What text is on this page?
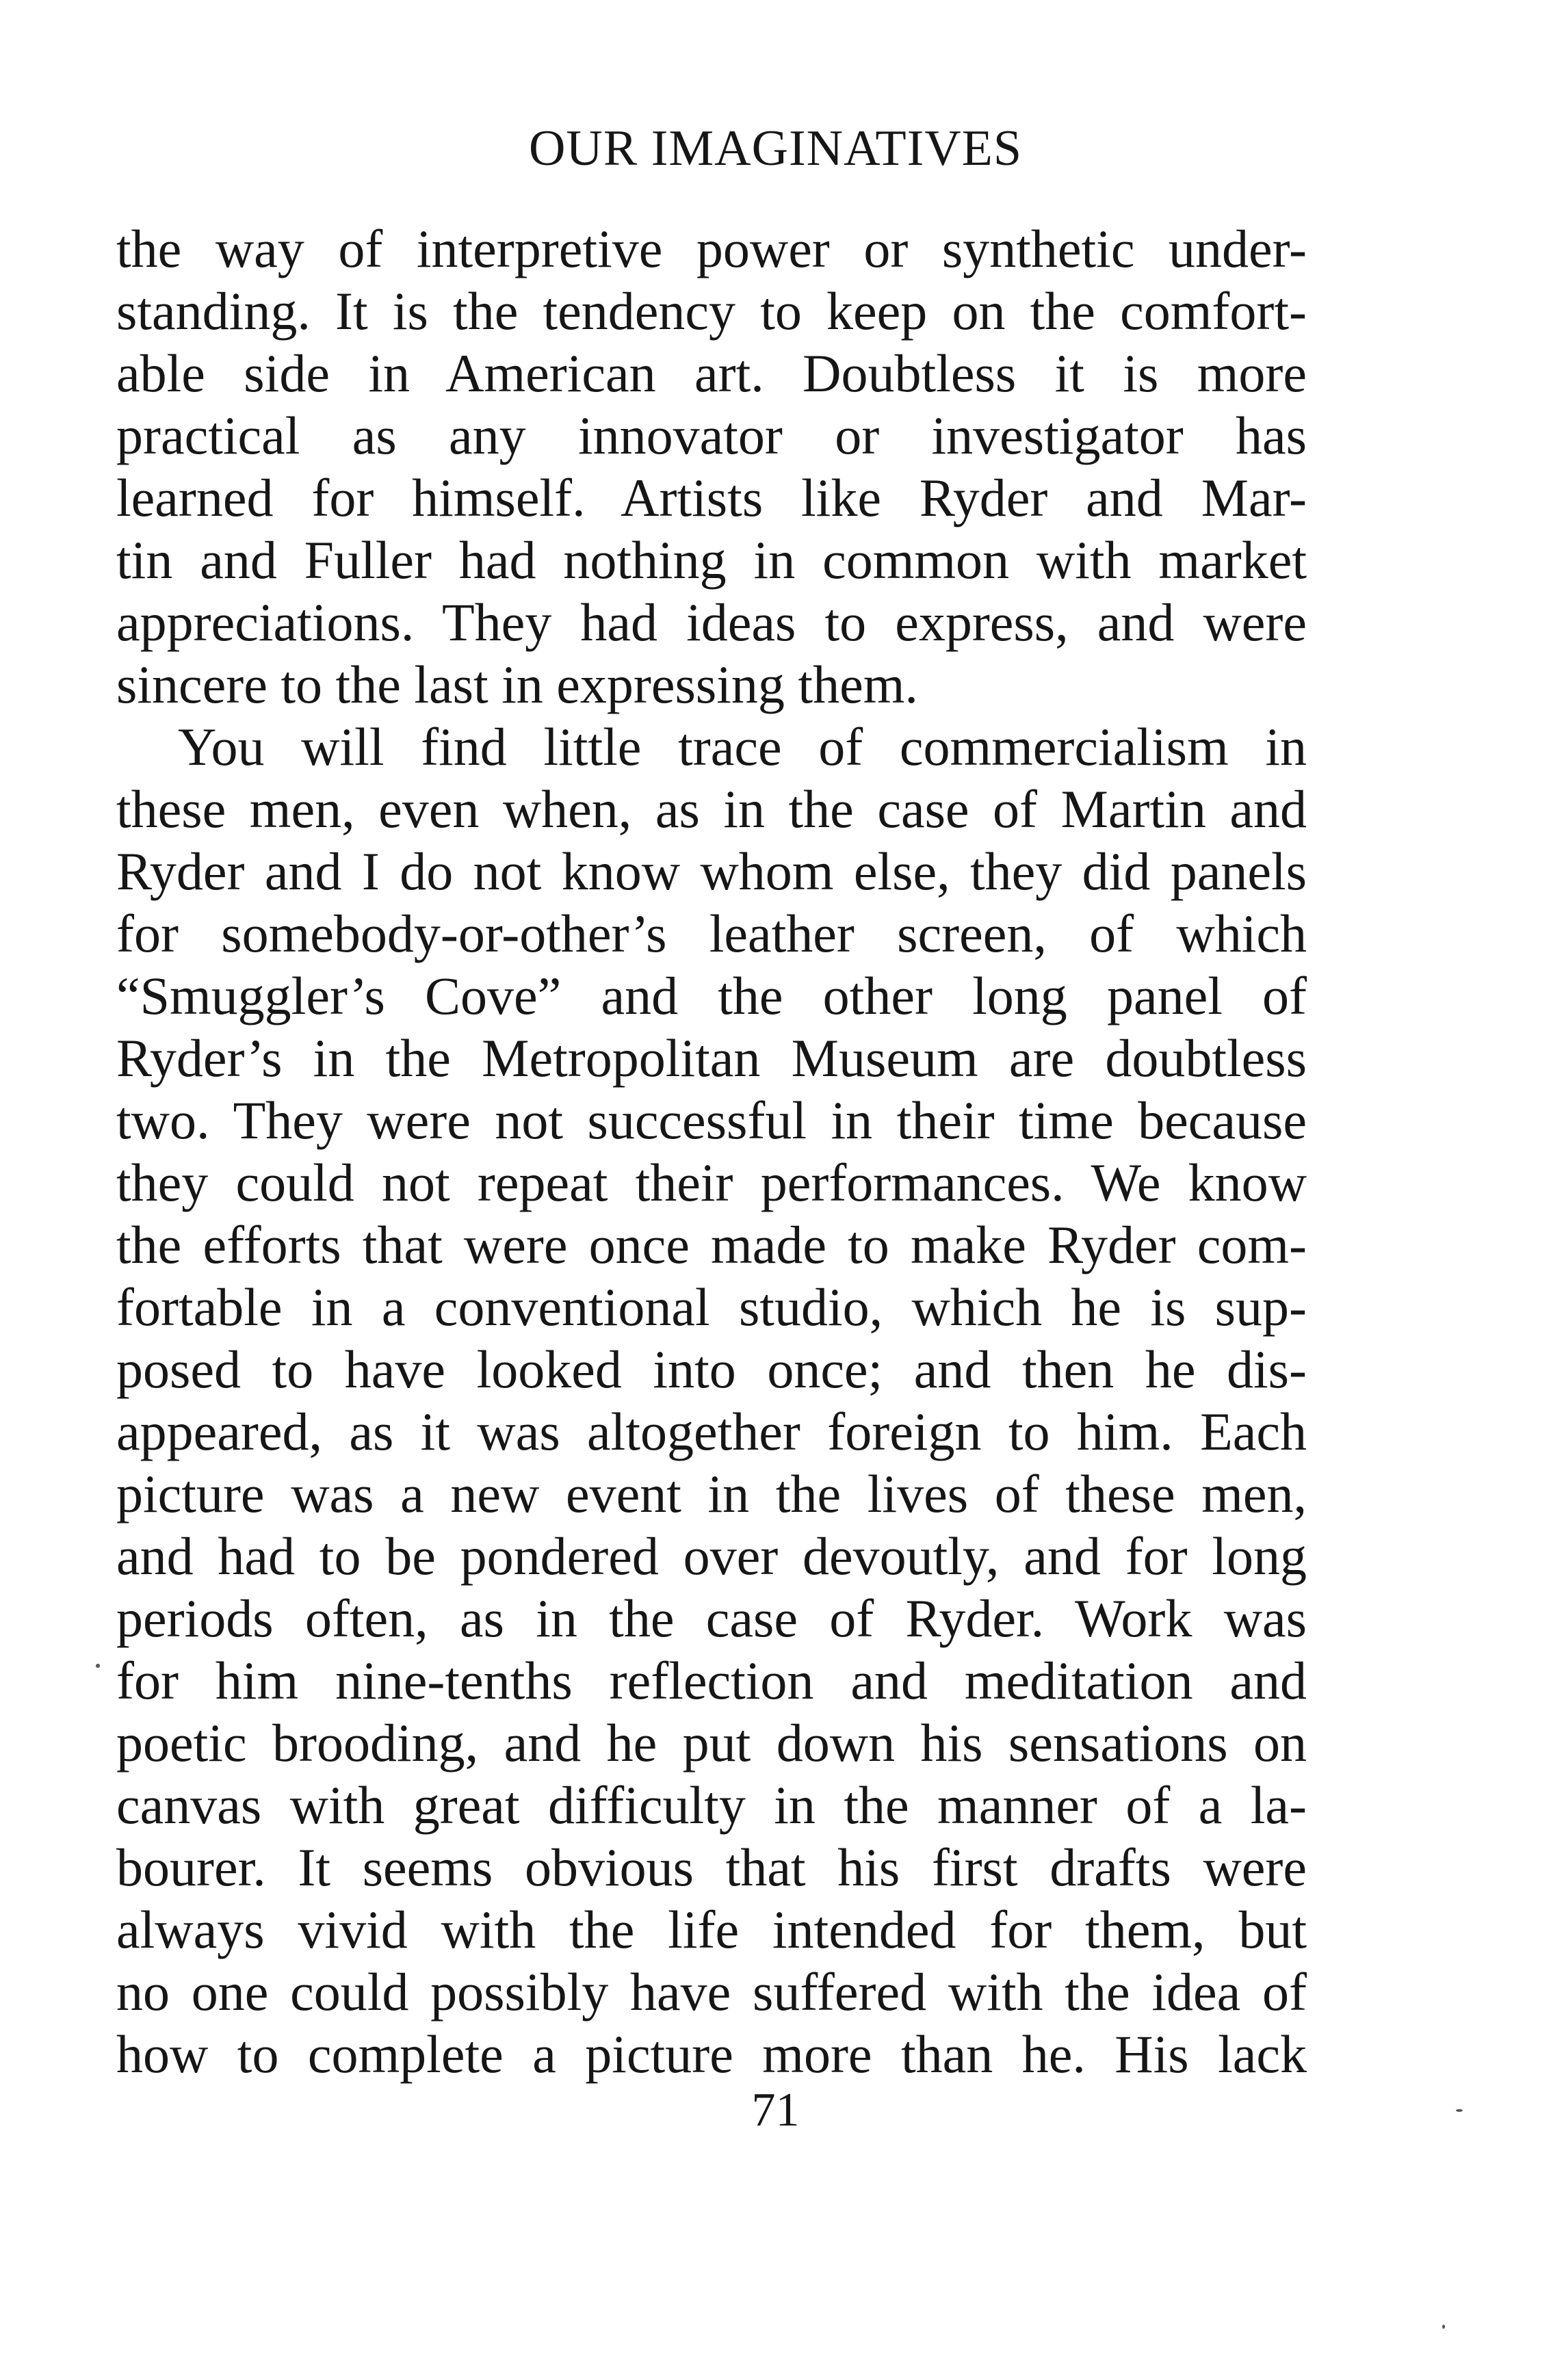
OUR IMAGINATIVES
the way of interpretive power or synthetic under-
standing. It is the tendency to keep on the comfort-
able side in American art. Doubtless it is more
practical as any innovator or investigator has
learned for himself. Artists like Ryder and Mar-
tin and Fuller had nothing in common with market
appreciations. They had ideas to express, and were
sincere to the last in expressing them.
You will find little trace of commercialism in
these men, even when, as in the case of Martin and
Ryder and I do not know whom else, they did panels
for somebody-or-other’s leather screen, of which
“Smuggler’s Cove” and the other long panel of
Ryder’s in the Metropolitan Museum are doubtless
two. They were not successful in their time because
they could not repeat their performances. We know
the efforts that were once made to make Ryder com-
fortable in a conventional studio, which he is sup-
posed to have looked into once; and then he dis-
appeared, as it was altogether foreign to him. Each
picture was a new event in the lives of these men,
and had to be pondered over devoutly, and for long
periods often, as in the case of Ryder. Work was
for him nine-tenths reflection and meditation and
poetic brooding, and he put down his sensations on
canvas with great difficulty in the manner of a la-
bourer. It seems obvious that his first drafts were
always vivid with the life intended for them, but
no one could possibly have suffered with the idea of
how to complete a picture more than he. His lack
71
